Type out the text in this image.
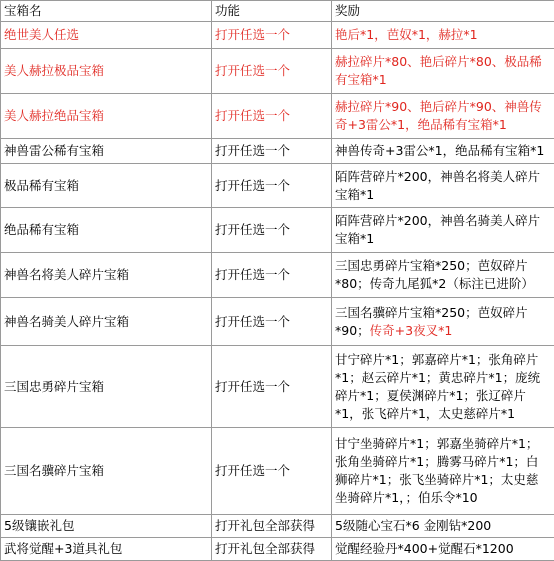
宝箱名	功能	奖励
绝世美人任选	打开任选一个	艳后*1，芭奴*1，赫拉*1
美人赫拉极品宝箱	打开任选一个	赫拉碎片*80、艳后碎片*80、极品稀
有宝箱*1
美人赫拉绝品宝箱	打开任选一个	赫拉碎片*90、艳后碎片*90、神兽传
奇+3雷公*1，绝品稀有宝箱*1
神兽雷公稀有宝箱	打开任选一个	神兽传奇+3雷公*1，绝品稀有宝箱*1
极品稀有宝箱	打开任选一个	陌阵营碎片*200，神兽名将美人碎片
宝箱*1
绝品稀有宝箱	打开任选一个	陌阵营碎片*200，神兽名骑美人碎片
宝箱*1
神兽名将美人碎片宝箱	打开任选一个	三国忠勇碎片宝箱*250；芭奴碎片
*80；传奇九尾狐*2（标注已进阶）
神兽名骑美人碎片宝箱	打开任选一个	三国名骥碎片宝箱*250；芭奴碎片
*90；传奇+3夜叉*1
三国忠勇碎片宝箱	打开任选一个	甘宁碎片*1；郭嘉碎片*1；张角碎片
*1；赵云碎片*1；黄忠碎片*1；庞统
碎片*1；夏侯渊碎片*1；张辽碎片
*1，张飞碎片*1，太史慈碎片*1
三国名骥碎片宝箱	打开任选一个	甘宁坐骑碎片*1；郭嘉坐骑碎片*1；
张角坐骑碎片*1；腾雾马碎片*1；白
狮碎片*1；张飞坐骑碎片*1；太史慈
坐骑碎片*1，；伯乐令*10
5级镶嵌礼包	打开礼包全部获得	5级随心宝石*6 金刚钻*200
武将觉醒+3道具礼包	打开礼包全部获得	觉醒经验丹*400+觉醒石*1200
